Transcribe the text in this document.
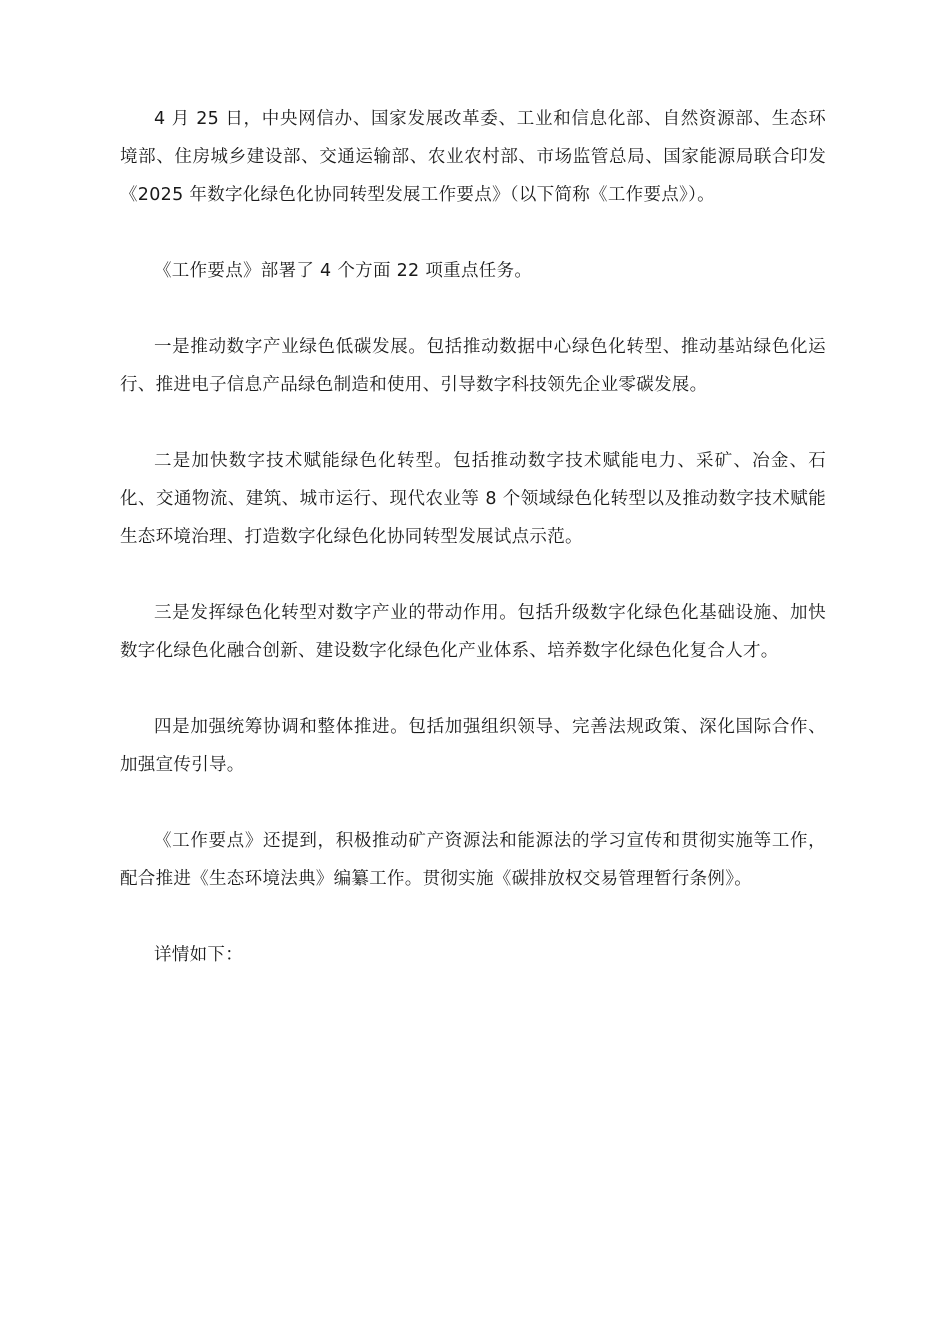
4 月 25 日，中央网信办、国家发展改革委、工业和信息化部、自然资源部、生态环境部、住房城乡建设部、交通运输部、农业农村部、市场监管总局、国家能源局联合印发《2025 年数字化绿色化协同转型发展工作要点》（以下简称《工作要点》）。

《工作要点》部署了 4 个方面 22 项重点任务。

一是推动数字产业绿色低碳发展。包括推动数据中心绿色化转型、推动基站绿色化运行、推进电子信息产品绿色制造和使用、引导数字科技领先企业零碳发展。

二是加快数字技术赋能绿色化转型。包括推动数字技术赋能电力、采矿、冶金、石化、交通物流、建筑、城市运行、现代农业等 8 个领域绿色化转型以及推动数字技术赋能生态环境治理、打造数字化绿色化协同转型发展试点示范。

三是发挥绿色化转型对数字产业的带动作用。包括升级数字化绿色化基础设施、加快数字化绿色化融合创新、建设数字化绿色化产业体系、培养数字化绿色化复合人才。

四是加强统筹协调和整体推进。包括加强组织领导、完善法规政策、深化国际合作、加强宣传引导。

《工作要点》还提到，积极推动矿产资源法和能源法的学习宣传和贯彻实施等工作，配合推进《生态环境法典》编纂工作。贯彻实施《碳排放权交易管理暂行条例》。

详情如下：
